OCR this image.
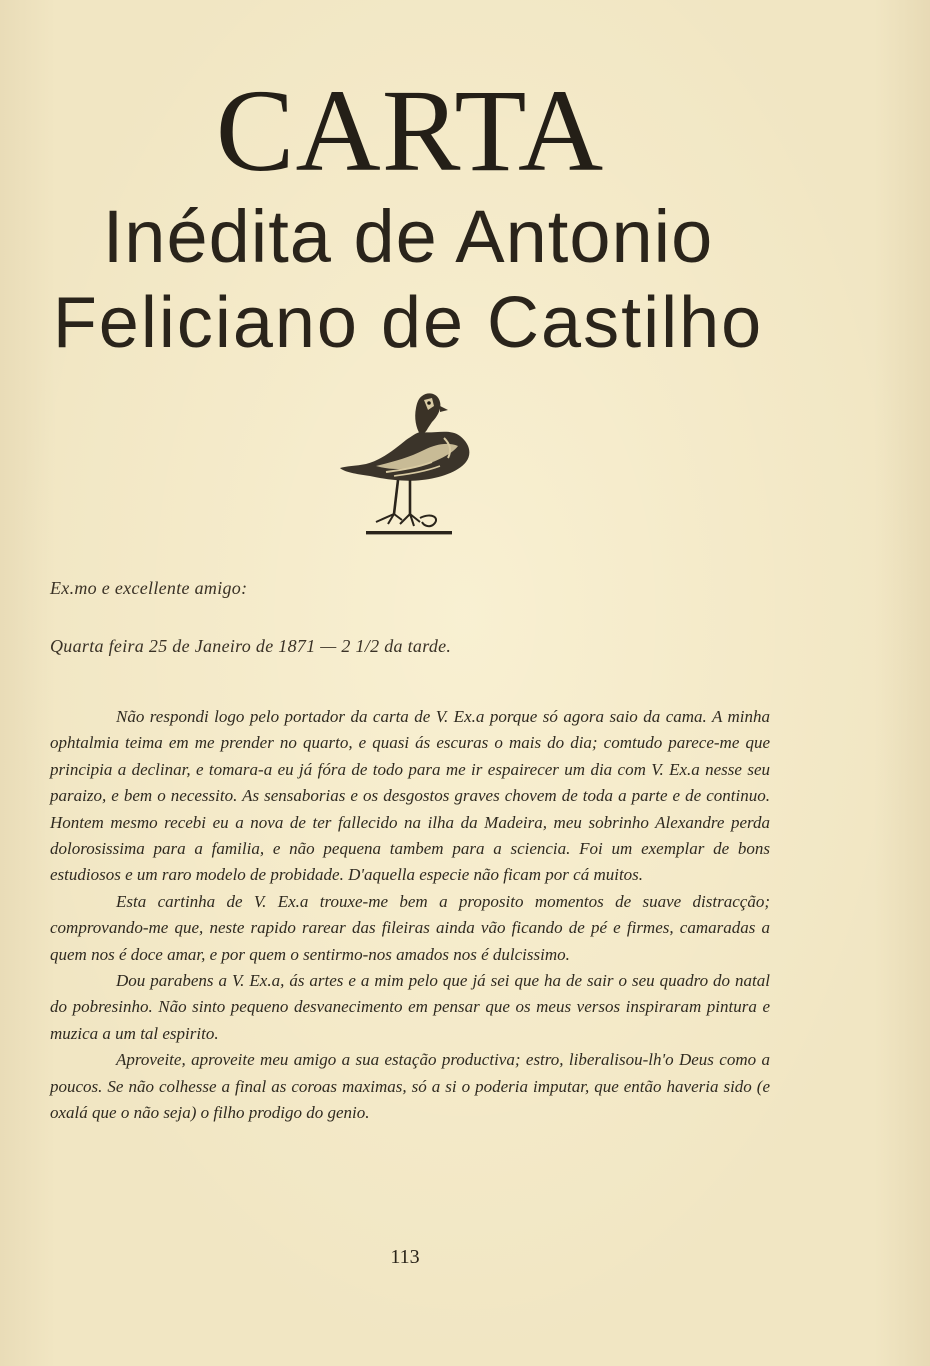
CARTA
Inédita de Antonio
Feliciano de Castilho

Ex.mo e excellente amigo:

Quarta feira 25 de Janeiro de 1871 — 2 1/2 da tarde.

Não respondi logo pelo portador da carta de V. Ex.a porque só agora saio da cama. A minha ophtalmia teima em me prender no quarto, e quasi ás escuras o mais do dia; comtudo parece-me que principia a declinar, e tomara-a eu já fóra de todo para me ir espairecer um dia com V. Ex.a nesse seu paraizo, e bem o necessito. As sensaborias e os desgostos graves chovem de toda a parte e de continuo. Hontem mesmo recebi eu a nova de ter fallecido na ilha da Madeira, meu sobrinho Alexandre perda dolorosissima para a familia, e não pequena tambem para a sciencia. Foi um exemplar de bons estudiosos e um raro modelo de probidade. D'aquella especie não ficam por cá muitos.

Esta cartinha de V. Ex.a trouxe-me bem a proposito momentos de suave distracção; comprovando-me que, neste rapido rarear das fileiras ainda vão ficando de pé e firmes, camaradas a quem nos é doce amar, e por quem o sentirmo-nos amados nos é dulcissimo.

Dou parabens a V. Ex.a, ás artes e a mim pelo que já sei que ha de sair o seu quadro do natal do pobresinho. Não sinto pequeno desvanecimento em pensar que os meus versos inspiraram pintura e muzica a um tal espirito.

Aproveite, aproveite meu amigo a sua estação productiva; estro, liberalisou-lh'o Deus como a poucos. Se não colhesse a final as coroas maximas, só a si o poderia imputar, que então haveria sido (e oxalá que o não seja) o filho prodigo do genio.

113
